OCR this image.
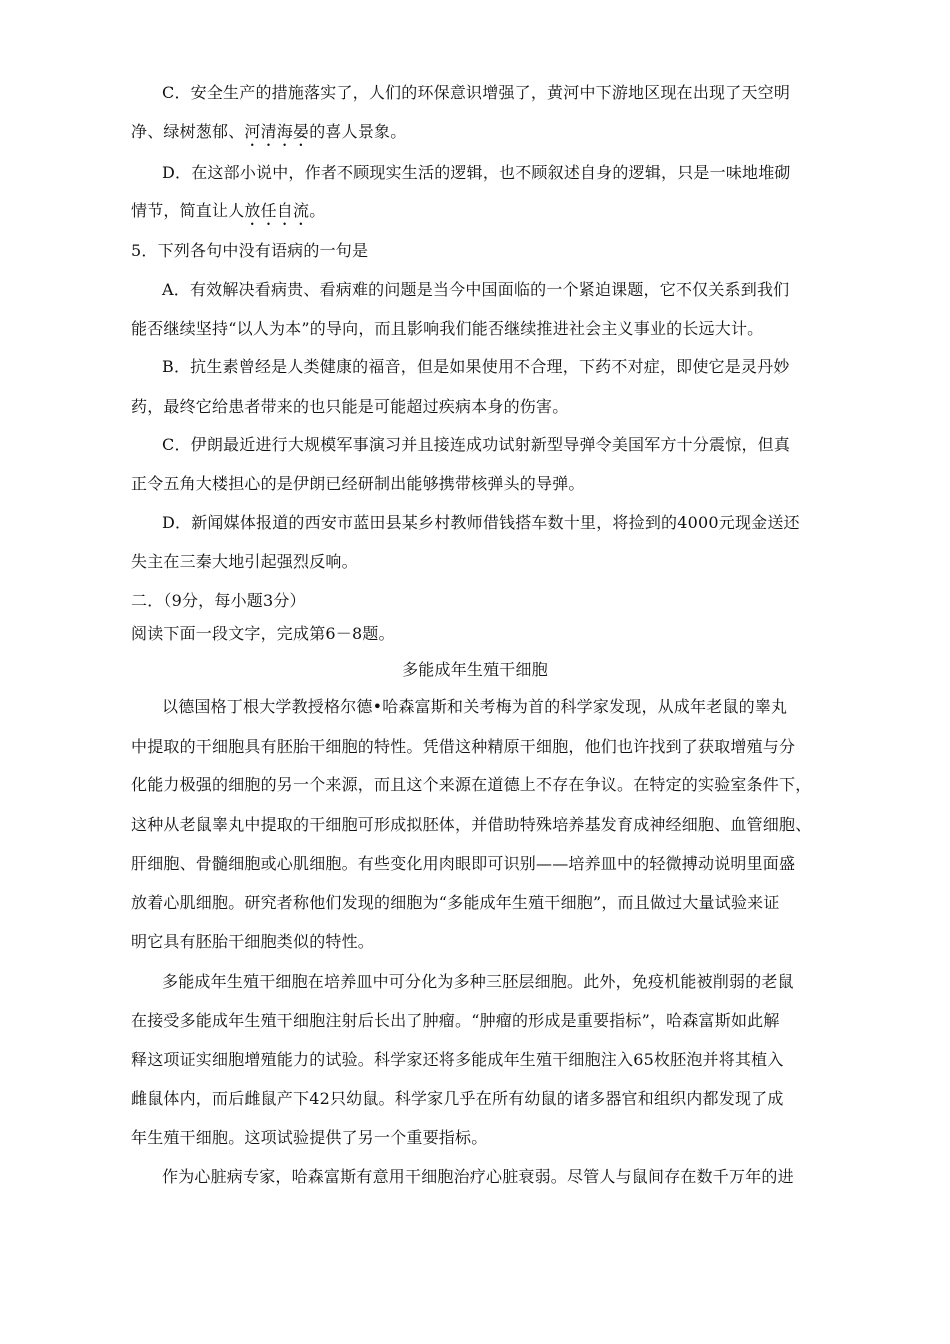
C．安全生产的措施落实了，人们的环保意识增强了，黄河中下游地区现在出现了天空明
净、绿树葱郁、河清海晏的喜人景象。
D．在这部小说中，作者不顾现实生活的逻辑，也不顾叙述自身的逻辑，只是一味地堆砌
情节，简直让人放任自流。
5．下列各句中没有语病的一句是
A．有效解决看病贵、看病难的问题是当今中国面临的一个紧迫课题，它不仅关系到我们
能否继续坚持“以人为本”的导向，而且影响我们能否继续推进社会主义事业的长远大计。
B．抗生素曾经是人类健康的福音，但是如果使用不合理，下药不对症，即使它是灵丹妙
药，最终它给患者带来的也只能是可能超过疾病本身的伤害。
C．伊朗最近进行大规模军事演习并且接连成功试射新型导弹令美国军方十分震惊，但真
正令五角大楼担心的是伊朗已经研制出能够携带核弹头的导弹。
D．新闻媒体报道的西安市蓝田县某乡村教师借钱搭车数十里，将捡到的4000元现金送还
失主在三秦大地引起强烈反响。
二．（9分，每小题3分）
阅读下面一段文字，完成第6－8题。
多能成年生殖干细胞
以德国格丁根大学教授格尔德•哈森富斯和关考梅为首的科学家发现，从成年老鼠的睾丸
中提取的干细胞具有胚胎干细胞的特性。凭借这种精原干细胞，他们也许找到了获取增殖与分
化能力极强的细胞的另一个来源，而且这个来源在道德上不存在争议。在特定的实验室条件下，
这种从老鼠睾丸中提取的干细胞可形成拟胚体，并借助特殊培养基发育成神经细胞、血管细胞、
肝细胞、骨髓细胞或心肌细胞。有些变化用肉眼即可识别——培养皿中的轻微搏动说明里面盛
放着心肌细胞。研究者称他们发现的细胞为“多能成年生殖干细胞”，而且做过大量试验来证
明它具有胚胎干细胞类似的特性。
多能成年生殖干细胞在培养皿中可分化为多种三胚层细胞。此外，免疫机能被削弱的老鼠
在接受多能成年生殖干细胞注射后长出了肿瘤。“肿瘤的形成是重要指标”，哈森富斯如此解
释这项证实细胞增殖能力的试验。科学家还将多能成年生殖干细胞注入65枚胚泡并将其植入
雌鼠体内，而后雌鼠产下42只幼鼠。科学家几乎在所有幼鼠的诸多器官和组织内都发现了成
年生殖干细胞。这项试验提供了另一个重要指标。
作为心脏病专家，哈森富斯有意用干细胞治疗心脏衰弱。尽管人与鼠间存在数千万年的进
